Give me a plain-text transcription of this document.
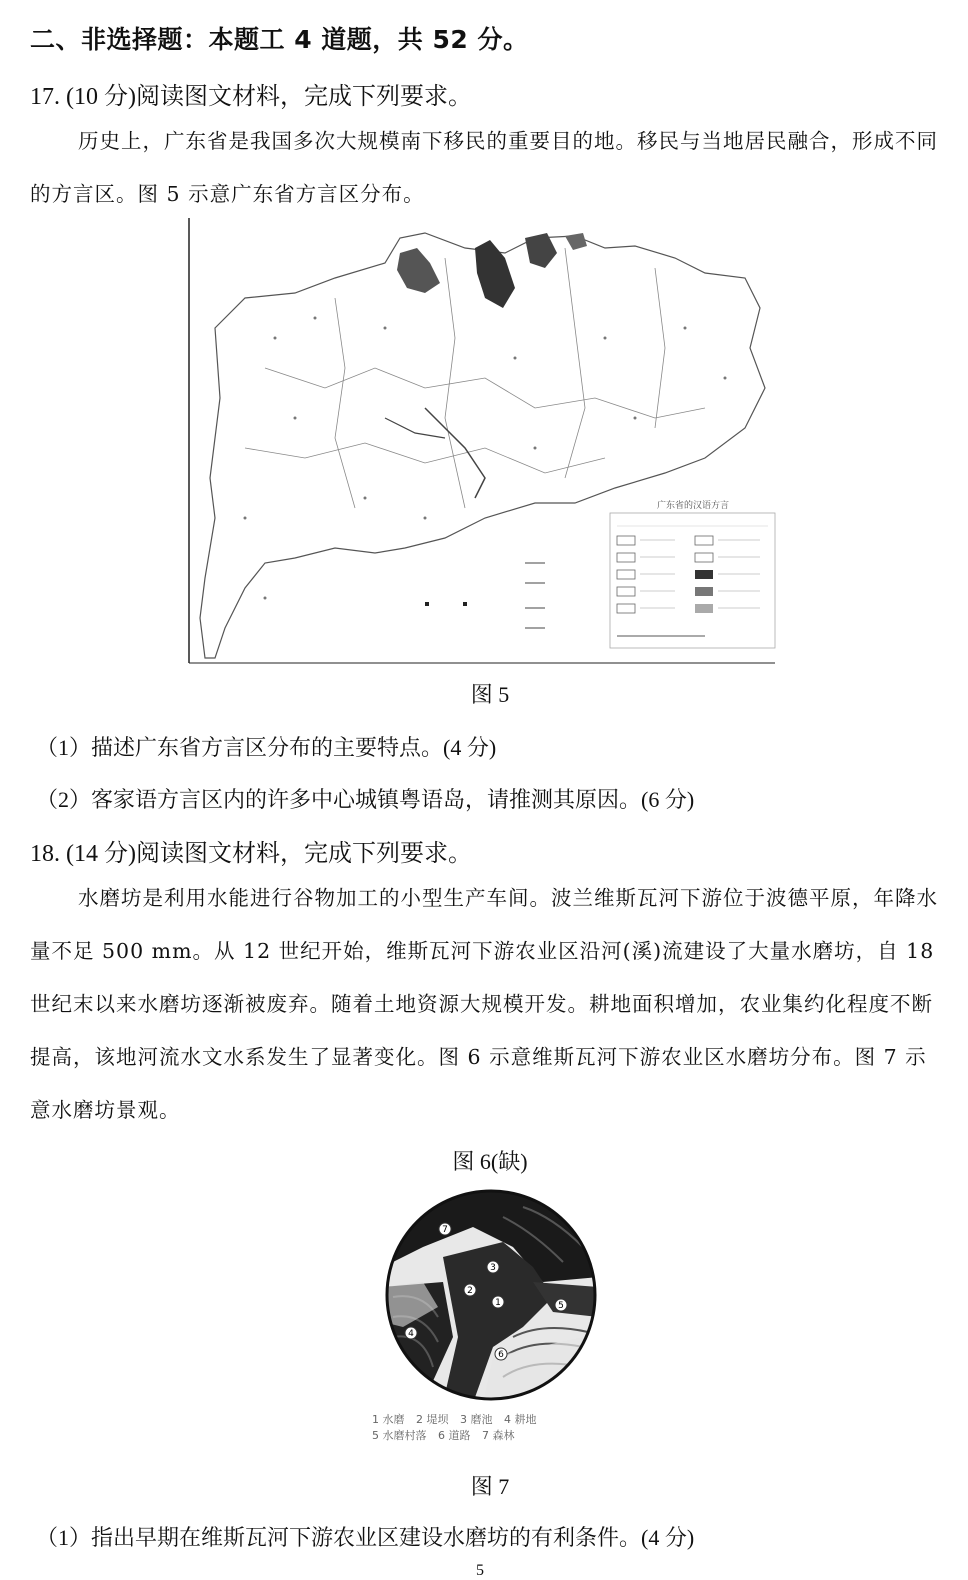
二、非选择题：本题工 4 道题，共 52 分。
17. (10 分)阅读图文材料，完成下列要求。
历史上，广东省是我国多次大规模南下移民的重要目的地。移民与当地居民融合，形成不同的方言区。图 5 示意广东省方言区分布。
广东省的汉语方言
图 5
（1）描述广东省方言区分布的主要特点。(4 分)
（2）客家语方言区内的许多中心城镇粤语岛，请推测其原因。(6 分)
18. (14 分)阅读图文材料，完成下列要求。
水磨坊是利用水能进行谷物加工的小型生产车间。波兰维斯瓦河下游位于波德平原，年降水量不足 500 mm。从 12 世纪开始，维斯瓦河下游农业区沿河(溪)流建设了大量水磨坊，自 18 世纪末以来水磨坊逐渐被废弃。随着土地资源大规模开发。耕地面积增加，农业集约化程度不断提高，该地河流水文水系发生了显著变化。图 6 示意维斯瓦河下游农业区水磨坊分布。图 7 示意水磨坊景观。
图 6(缺)
7
3
2
1	5
4
6
1 水磨 2 堤坝 3 磨池 4 耕地
5 水磨村落 6 道路 7 森林
图 7
（1）指出早期在维斯瓦河下游农业区建设水磨坊的有利条件。(4 分)
5
